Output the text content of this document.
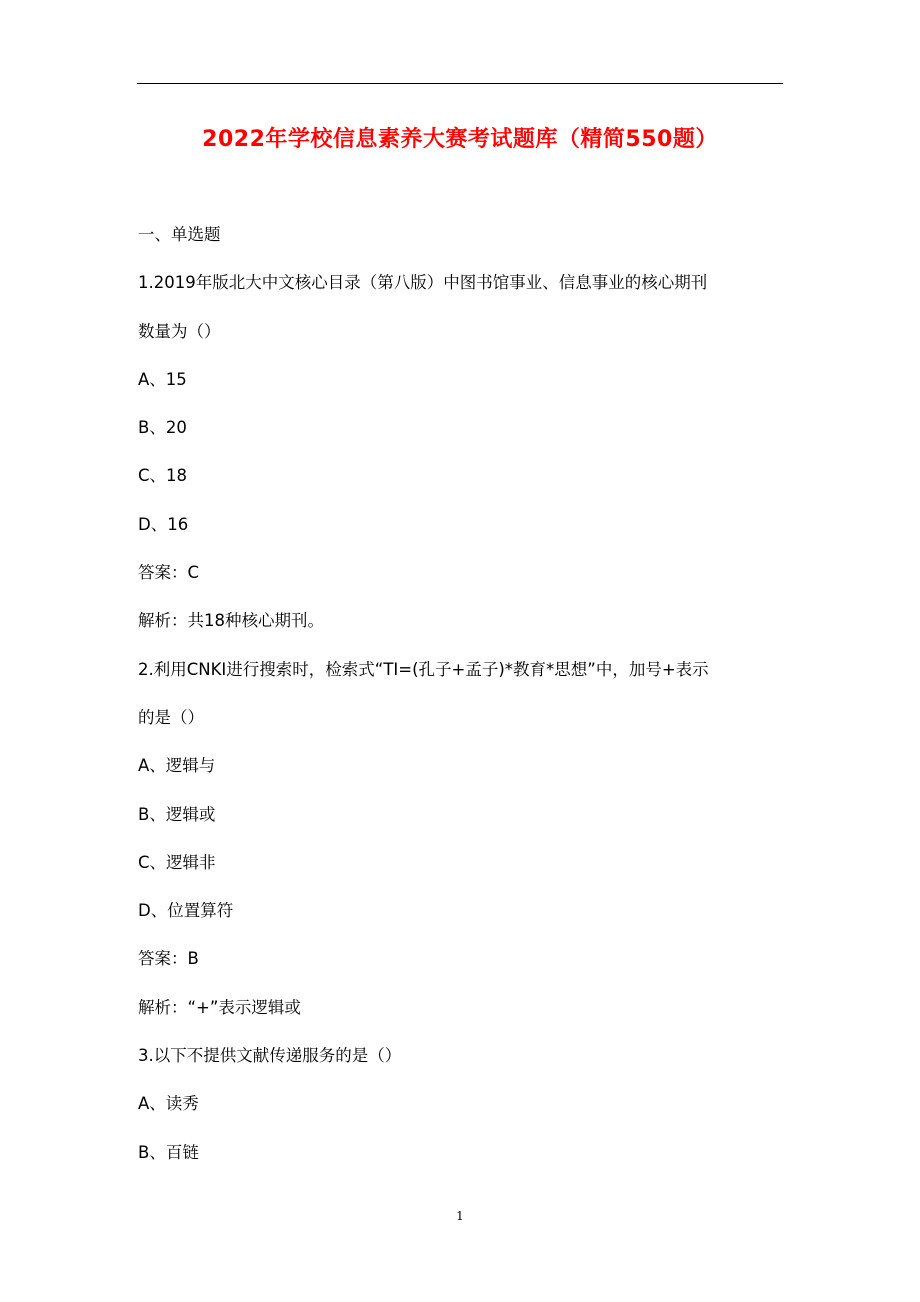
2022年学校信息素养大赛考试题库（精简550题）
一、单选题
1.2019年版北大中文核心目录（第八版）中图书馆事业、信息事业的核心期刊
数量为（）
A、15
B、20
C、18
D、16
答案：C
解析：共18种核心期刊。
2.利用CNKI进行搜索时，检索式“TI=(孔子+孟子)*教育*思想”中，加号+表示
的是（）
A、逻辑与
B、逻辑或
C、逻辑非
D、位置算符
答案：B
解析：“+”表示逻辑或
3.以下不提供文献传递服务的是（）
A、读秀
B、百链
1
